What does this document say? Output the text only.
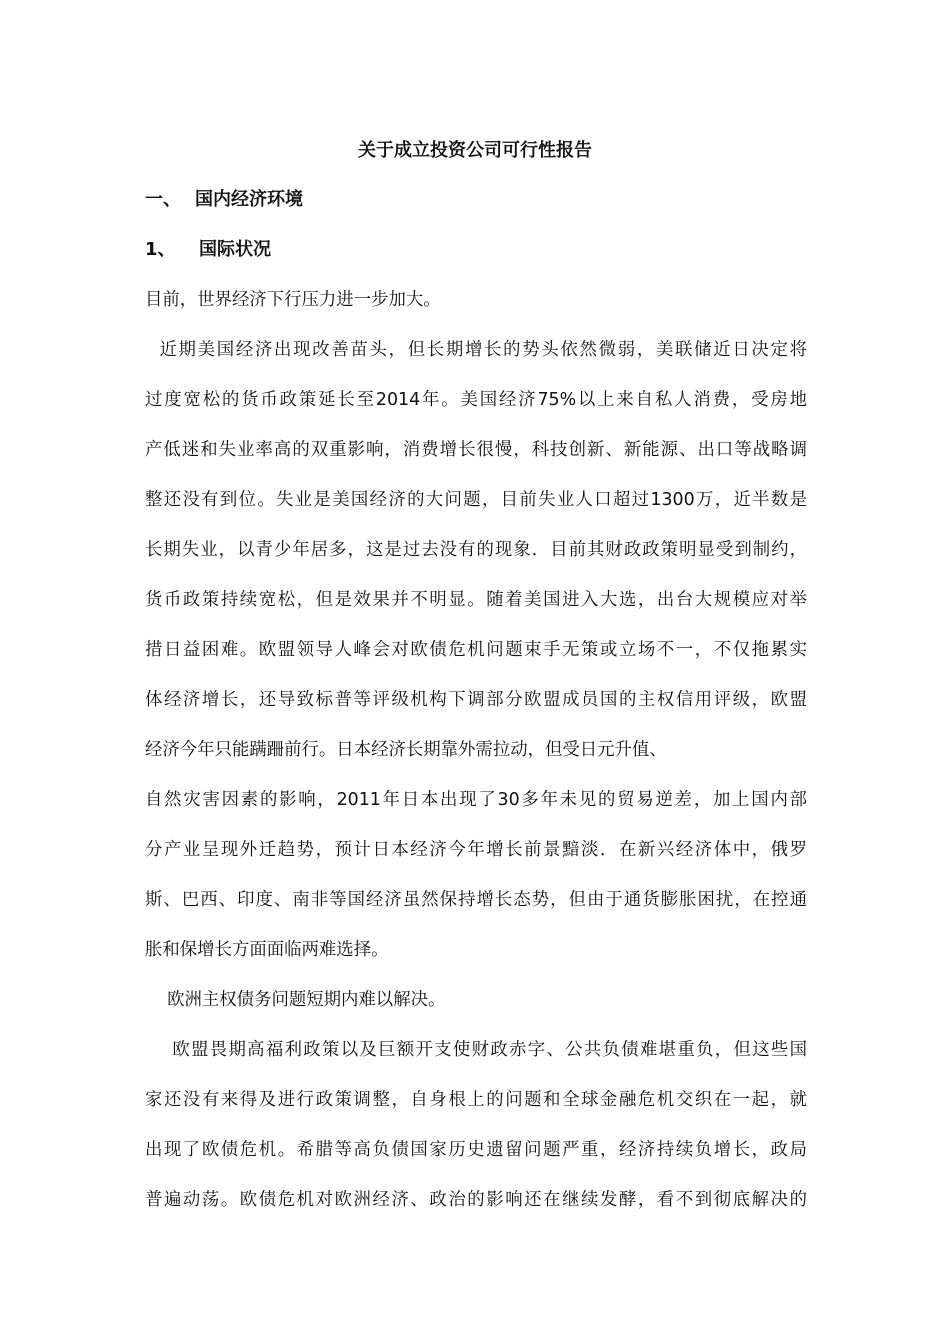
关于成立投资公司可行性报告
一、 国内经济环境
1、 国际状况
目前，世界经济下行压力进一步加大。
近期美国经济出现改善苗头，但长期增长的势头依然微弱，美联储近日决定将
过度宽松的货币政策延长至2014年。美国经济75%以上来自私人消费，受房地
产低迷和失业率高的双重影响，消费增长很慢，科技创新、新能源、出口等战略调
整还没有到位。失业是美国经济的大问题，目前失业人口超过1300万，近半数是
长期失业，以青少年居多，这是过去没有的现象．目前其财政政策明显受到制约，
货币政策持续宽松，但是效果并不明显。随着美国进入大选，出台大规模应对举
措日益困难。欧盟领导人峰会对欧债危机问题束手无策或立场不一，不仅拖累实
体经济增长，还导致标普等评级机构下调部分欧盟成员国的主权信用评级，欧盟
经济今年只能蹒跚前行。日本经济长期靠外需拉动，但受日元升值、
自然灾害因素的影响，2011年日本出现了30多年未见的贸易逆差，加上国内部
分产业呈现外迁趋势，预计日本经济今年增长前景黯淡．在新兴经济体中，俄罗
斯、巴西、印度、南非等国经济虽然保持增长态势，但由于通货膨胀困扰，在控通
胀和保增长方面面临两难选择。
欧洲主权债务问题短期内难以解决。
欧盟畏期高福利政策以及巨额开支使财政赤字、公共负债难堪重负，但这些国
家还没有来得及进行政策调整，自身根上的问题和全球金融危机交织在一起，就
出现了欧债危机。希腊等高负债国家历史遗留问题严重，经济持续负增长，政局
普遍动荡。欧债危机对欧洲经济、政治的影响还在继续发酵，看不到彻底解决的
